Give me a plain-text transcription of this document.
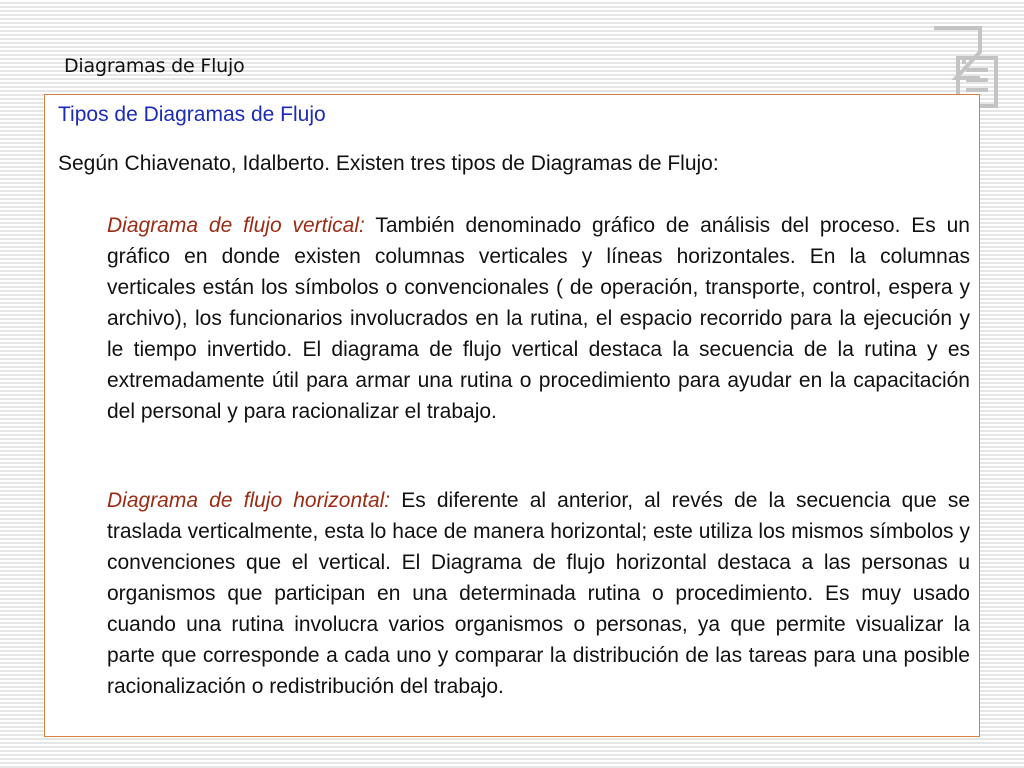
Diagramas de Flujo
Tipos de Diagramas de Flujo
Según Chiavenato, Idalberto. Existen tres tipos de Diagramas de Flujo:

Diagrama de flujo vertical: También denominado gráfico de análisis del proceso. Es un gráfico en donde existen columnas verticales y líneas horizontales. En la columnas verticales están los símbolos o convencionales ( de operación, transporte, control, espera y archivo), los funcionarios involucrados en la rutina, el espacio recorrido para la ejecución y le tiempo invertido. El diagrama de flujo vertical destaca la secuencia de la rutina y es extremadamente útil para armar una rutina o procedimiento para ayudar en la capacitación del personal y para racionalizar el trabajo.

Diagrama de flujo horizontal: Es diferente al anterior, al revés de la secuencia que se traslada verticalmente, esta lo hace de manera horizontal; este utiliza los mismos símbolos y convenciones que el vertical. El Diagrama de flujo horizontal destaca a las personas u organismos que participan en una determinada rutina o procedimiento. Es muy usado cuando una rutina involucra varios organismos o personas, ya que permite visualizar la parte que corresponde a cada uno y comparar la distribución de las tareas para una posible racionalización o redistribución del trabajo.
